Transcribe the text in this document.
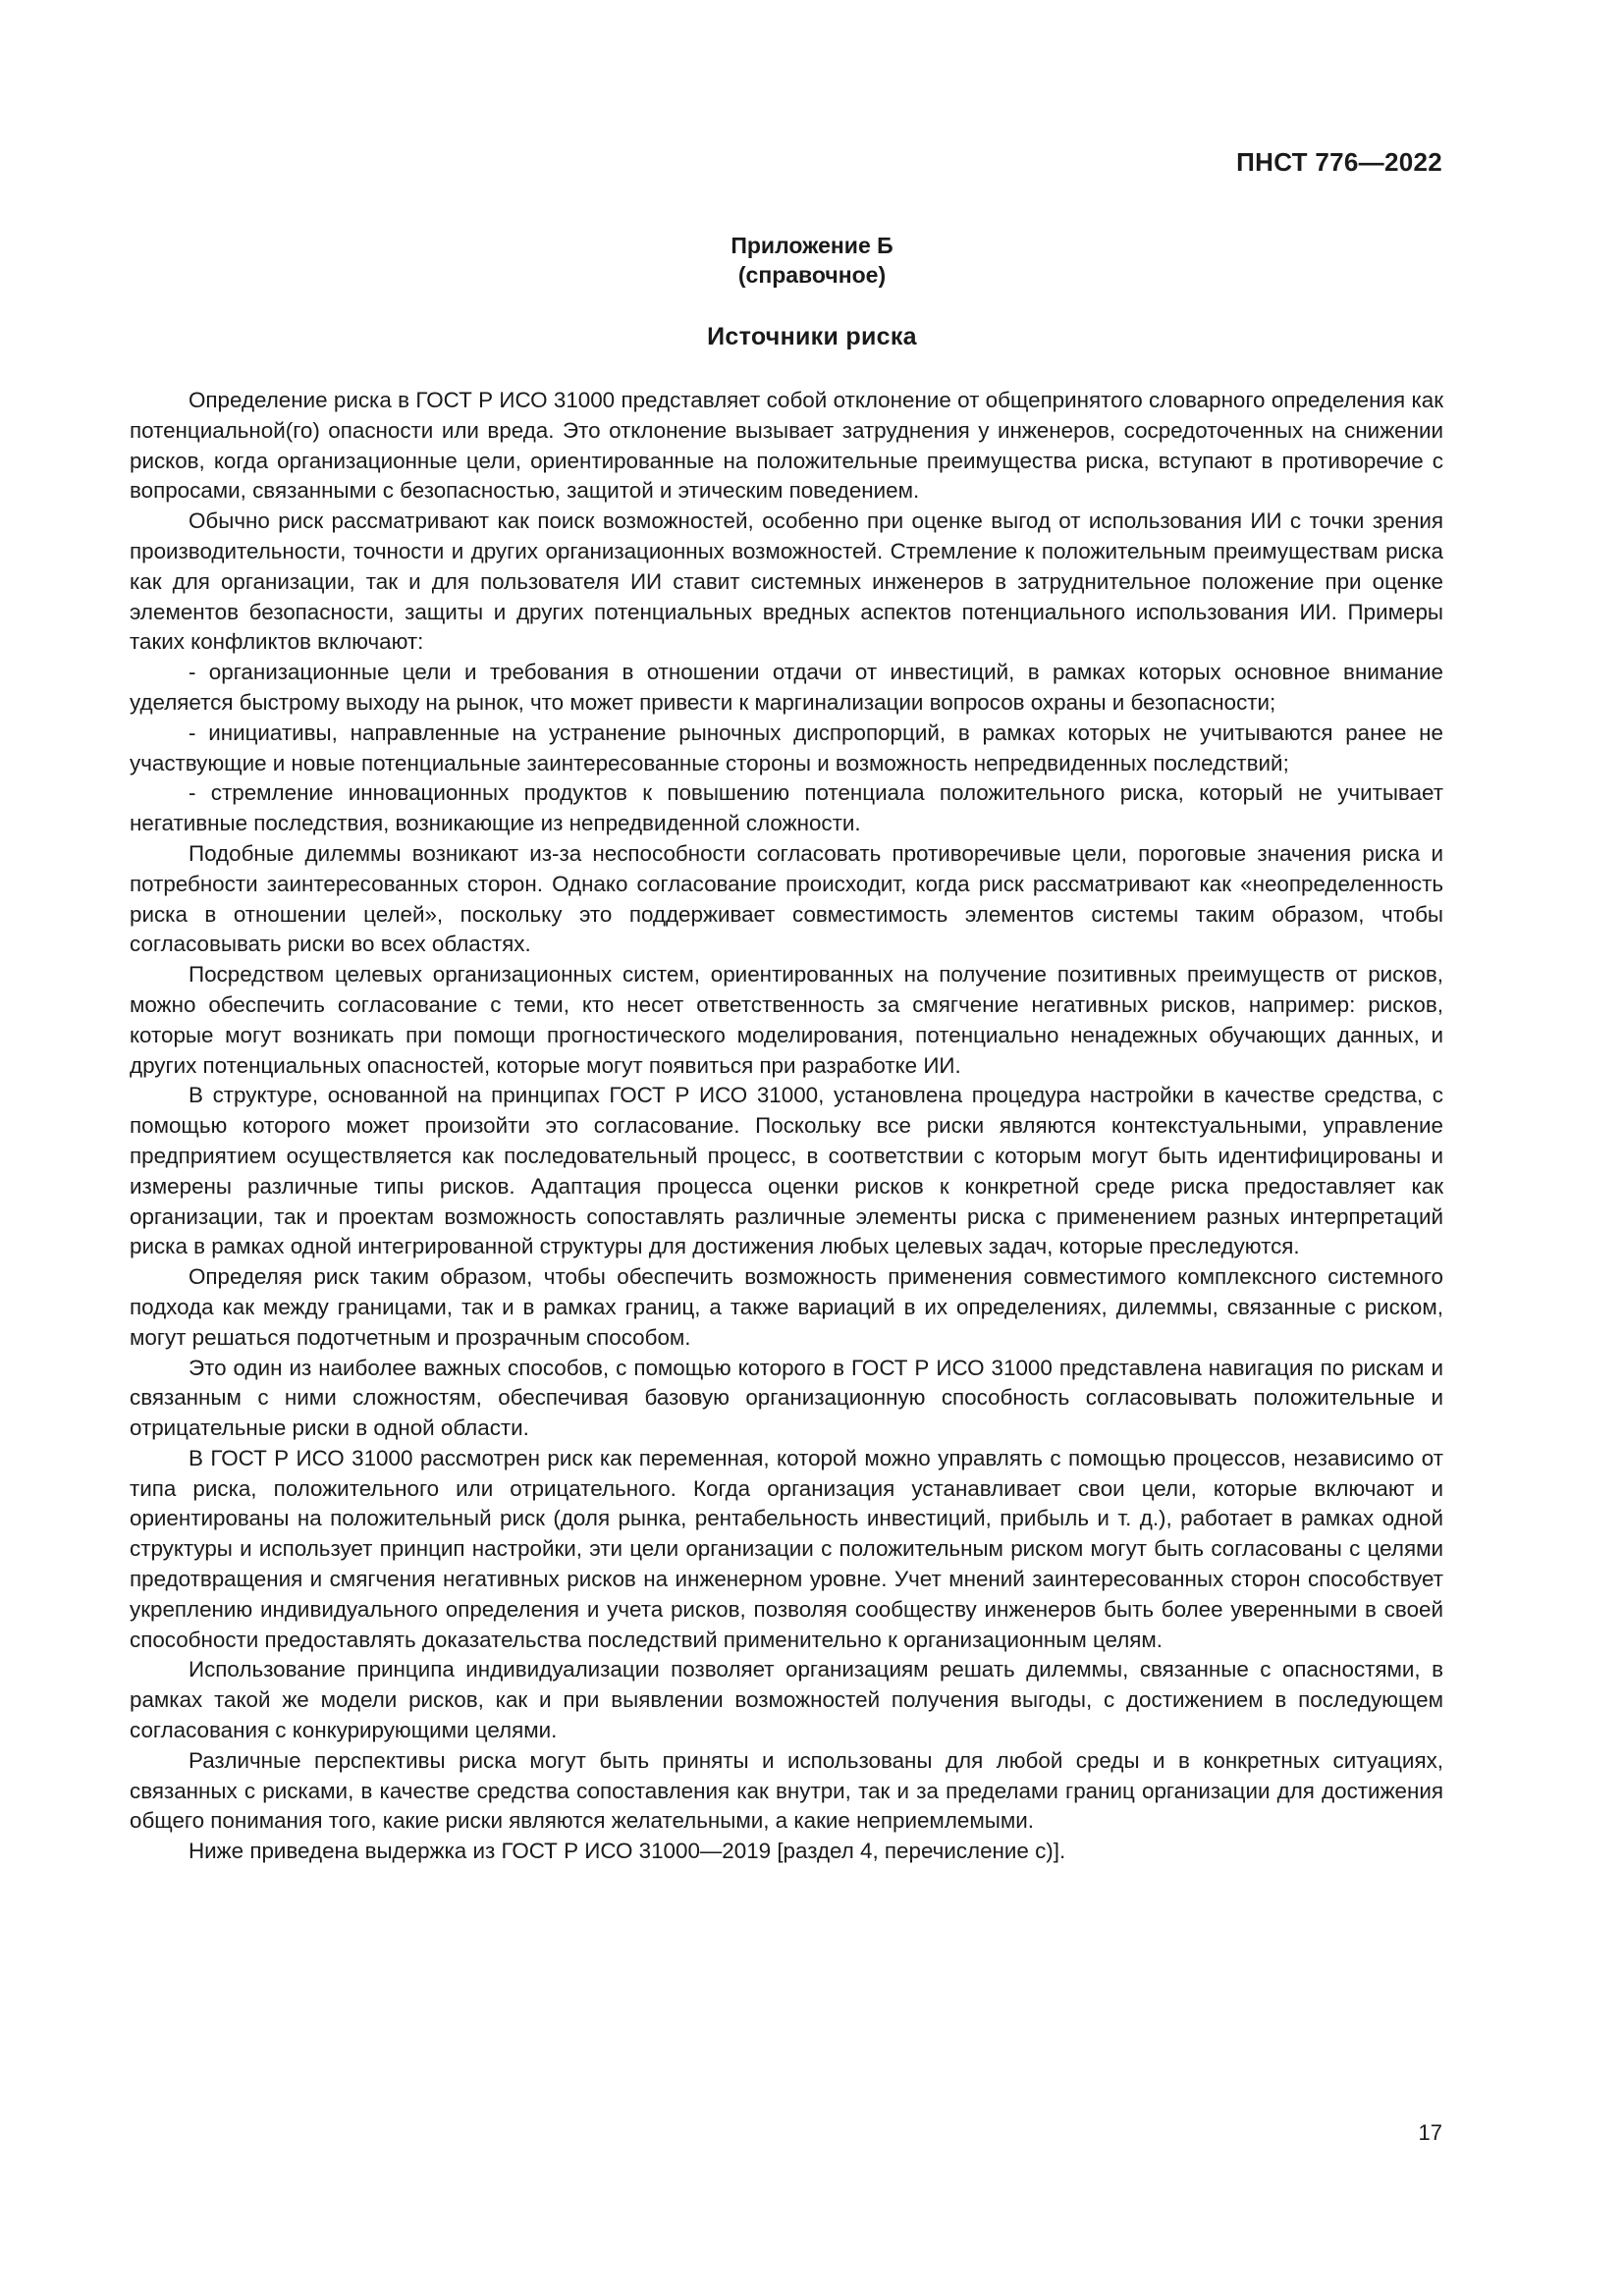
ПНСТ 776—2022
Приложение Б
(справочное)
Источники риска

Определение риска в ГОСТ Р ИСО 31000 представляет собой отклонение от общепринятого словарного определения как потенциальной(го) опасности или вреда. Это отклонение вызывает затруднения у инженеров, сосредоточенных на снижении рисков, когда организационные цели, ориентированные на положительные преимущества риска, вступают в противоречие с вопросами, связанными с безопасностью, защитой и этическим поведением.

Обычно риск рассматривают как поиск возможностей, особенно при оценке выгод от использования ИИ с точки зрения производительности, точности и других организационных возможностей. Стремление к положительным преимуществам риска как для организации, так и для пользователя ИИ ставит системных инженеров в затруднительное положение при оценке элементов безопасности, защиты и других потенциальных вредных аспектов потенциального использования ИИ. Примеры таких конфликтов включают:

- организационные цели и требования в отношении отдачи от инвестиций, в рамках которых основное внимание уделяется быстрому выходу на рынок, что может привести к маргинализации вопросов охраны и безопасности;

- инициативы, направленные на устранение рыночных диспропорций, в рамках которых не учитываются ранее не участвующие и новые потенциальные заинтересованные стороны и возможность непредвиденных последствий;

- стремление инновационных продуктов к повышению потенциала положительного риска, который не учитывает негативные последствия, возникающие из непредвиденной сложности.

Подобные дилеммы возникают из-за неспособности согласовать противоречивые цели, пороговые значения риска и потребности заинтересованных сторон. Однако согласование происходит, когда риск рассматривают как «неопределенность риска в отношении целей», поскольку это поддерживает совместимость элементов системы таким образом, чтобы согласовывать риски во всех областях.

Посредством целевых организационных систем, ориентированных на получение позитивных преимуществ от рисков, можно обеспечить согласование с теми, кто несет ответственность за смягчение негативных рисков, например: рисков, которые могут возникать при помощи прогностического моделирования, потенциально ненадежных обучающих данных, и других потенциальных опасностей, которые могут появиться при разработке ИИ.

В структуре, основанной на принципах ГОСТ Р ИСО 31000, установлена процедура настройки в качестве средства, с помощью которого может произойти это согласование. Поскольку все риски являются контекстуальными, управление предприятием осуществляется как последовательный процесс, в соответствии с которым могут быть идентифицированы и измерены различные типы рисков. Адаптация процесса оценки рисков к конкретной среде риска предоставляет как организации, так и проектам возможность сопоставлять различные элементы риска с применением разных интерпретаций риска в рамках одной интегрированной структуры для достижения любых целевых задач, которые преследуются.

Определяя риск таким образом, чтобы обеспечить возможность применения совместимого комплексного системного подхода как между границами, так и в рамках границ, а также вариаций в их определениях, дилеммы, связанные с риском, могут решаться подотчетным и прозрачным способом.

Это один из наиболее важных способов, с помощью которого в ГОСТ Р ИСО 31000 представлена навигация по рискам и связанным с ними сложностям, обеспечивая базовую организационную способность согласовывать положительные и отрицательные риски в одной области.

В ГОСТ Р ИСО 31000 рассмотрен риск как переменная, которой можно управлять с помощью процессов, независимо от типа риска, положительного или отрицательного. Когда организация устанавливает свои цели, которые включают и ориентированы на положительный риск (доля рынка, рентабельность инвестиций, прибыль и т. д.), работает в рамках одной структуры и использует принцип настройки, эти цели организации с положительным риском могут быть согласованы с целями предотвращения и смягчения негативных рисков на инженерном уровне. Учет мнений заинтересованных сторон способствует укреплению индивидуального определения и учета рисков, позволяя сообществу инженеров быть более уверенными в своей способности предоставлять доказательства последствий применительно к организационным целям.

Использование принципа индивидуализации позволяет организациям решать дилеммы, связанные с опасностями, в рамках такой же модели рисков, как и при выявлении возможностей получения выгоды, с достижением в последующем согласования с конкурирующими целями.

Различные перспективы риска могут быть приняты и использованы для любой среды и в конкретных ситуациях, связанных с рисками, в качестве средства сопоставления как внутри, так и за пределами границ организации для достижения общего понимания того, какие риски являются желательными, а какие неприемлемыми.

Ниже приведена выдержка из ГОСТ Р ИСО 31000—2019 [раздел 4, перечисление с)].

17
